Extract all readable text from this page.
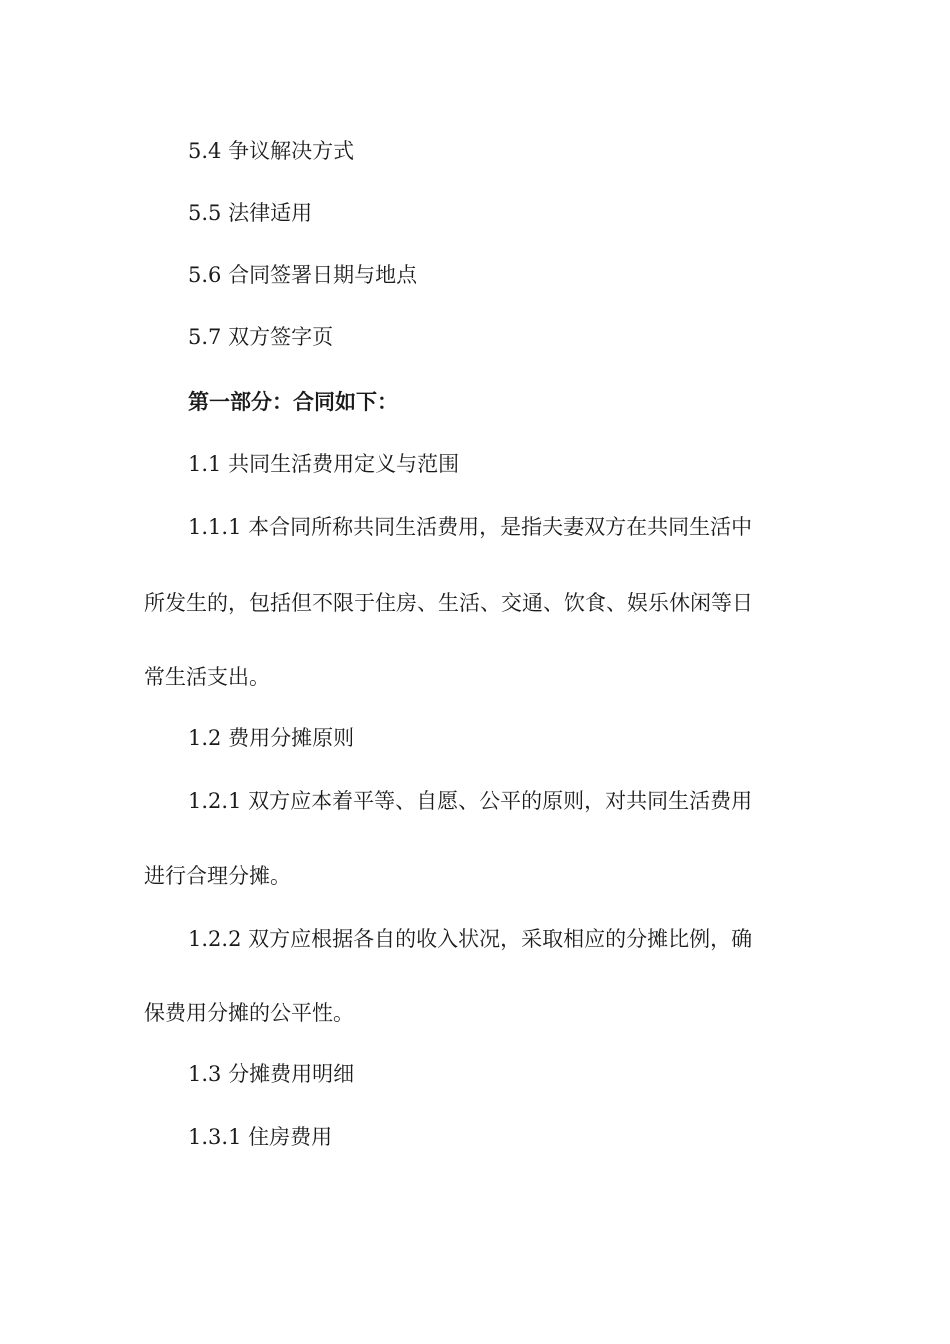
5.4 争议解决方式
5.5 法律适用
5.6 合同签署日期与地点
5.7 双方签字页
第一部分：合同如下：
1.1 共同生活费用定义与范围
1.1.1 本合同所称共同生活费用，是指夫妻双方在共同生活中
所发生的，包括但不限于住房、生活、交通、饮食、娱乐休闲等日
常生活支出。
1.2 费用分摊原则
1.2.1 双方应本着平等、自愿、公平的原则，对共同生活费用
进行合理分摊。
1.2.2 双方应根据各自的收入状况，采取相应的分摊比例，确
保费用分摊的公平性。
1.3 分摊费用明细
1.3.1 住房费用
